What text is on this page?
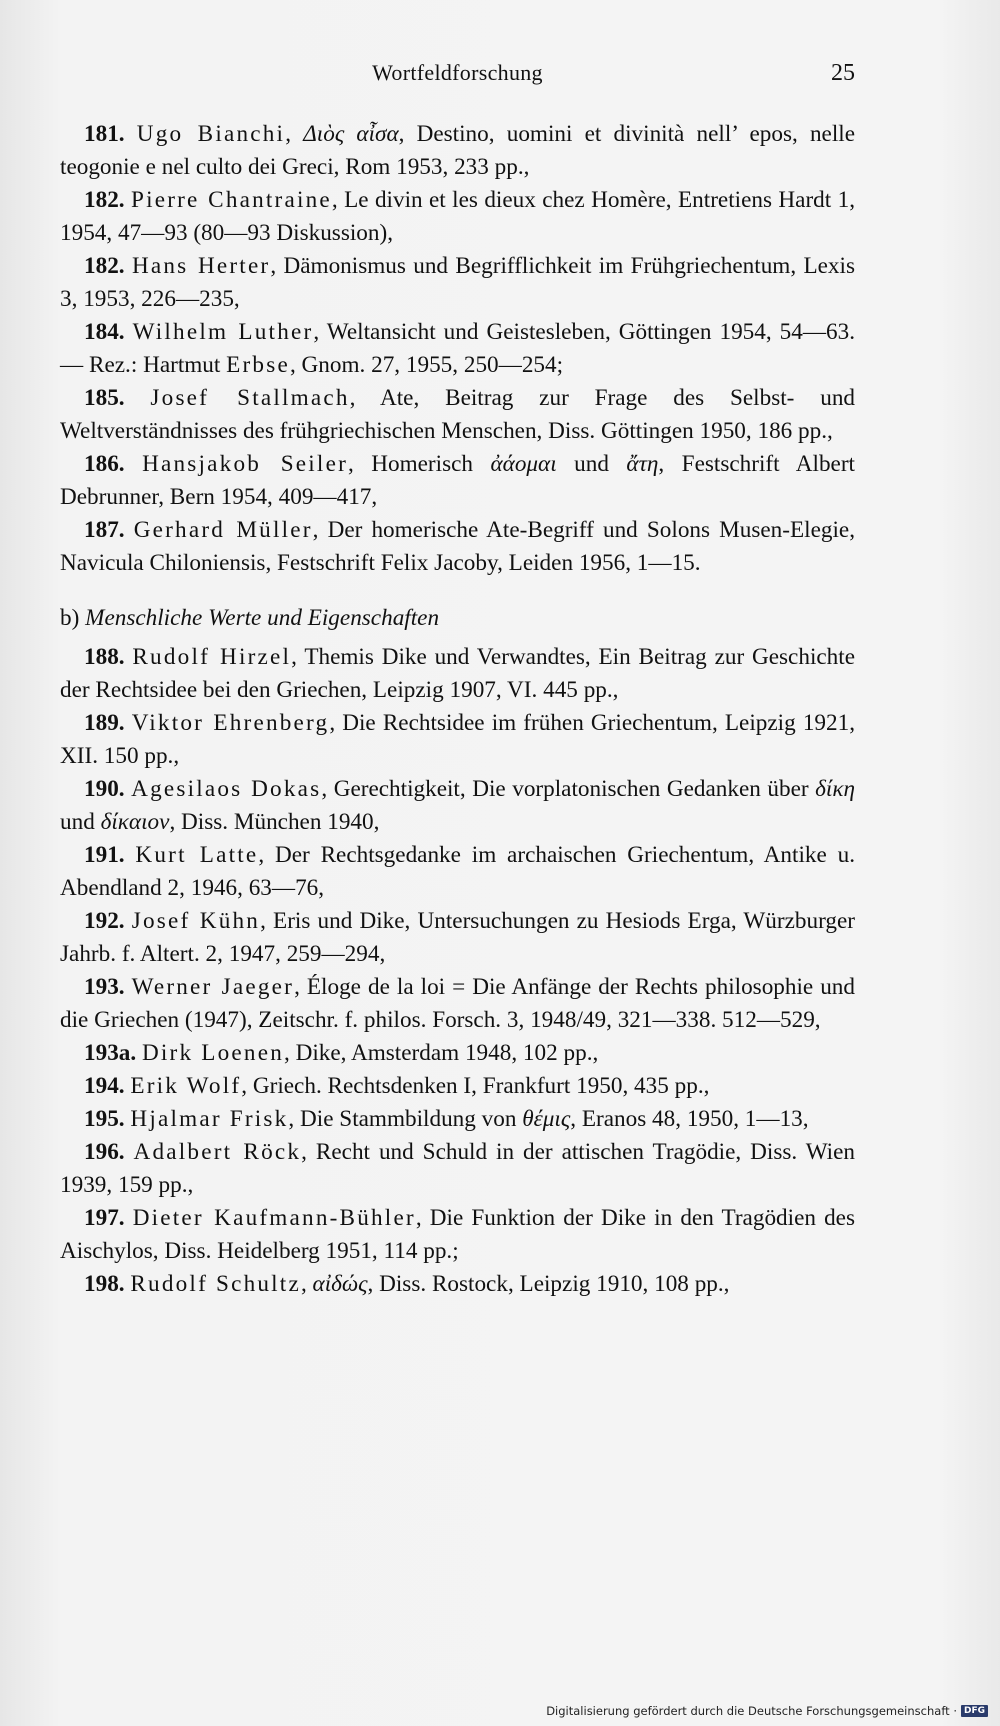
Wortfeldforschung	25

181. Ugo Bianchi, Διὸς αἶσα, Destino, uomini et divinità nell’ epos, nelle teogonie e nel culto dei Greci, Rom 1953, 233 pp.,

182. Pierre Chantraine, Le divin et les dieux chez Homère, Entretiens Hardt 1, 1954, 47—93 (80—93 Diskussion),

182. Hans Herter, Dämonismus und Begrifflichkeit im Frühgriechentum, Lexis 3, 1953, 226—235,

184. Wilhelm Luther, Weltansicht und Geistesleben, Göttingen 1954, 54—63. — Rez.: Hartmut Erbse, Gnom. 27, 1955, 250—254;

185. Josef Stallmach, Ate, Beitrag zur Frage des Selbst- und Weltverständnisses des frühgriechischen Menschen, Diss. Göttingen 1950, 186 pp.,

186. Hansjakob Seiler, Homerisch ἀάομαι und ἄτη, Festschrift Albert Debrunner, Bern 1954, 409—417,

187. Gerhard Müller, Der homerische Ate-Begriff und Solons Musen-Elegie, Navicula Chiloniensis, Festschrift Felix Jacoby, Leiden 1956, 1—15.

b) Menschliche Werte und Eigenschaften

188. Rudolf Hirzel, Themis Dike und Verwandtes, Ein Beitrag zur Geschichte der Rechtsidee bei den Griechen, Leipzig 1907, VI. 445 pp.,

189. Viktor Ehrenberg, Die Rechtsidee im frühen Griechentum, Leipzig 1921, XII. 150 pp.,

190. Agesilaos Dokas, Gerechtigkeit, Die vorplatonischen Gedanken über δίκη und δίκαιον, Diss. München 1940,

191. Kurt Latte, Der Rechtsgedanke im archaischen Griechentum, Antike u. Abendland 2, 1946, 63—76,

192. Josef Kühn, Eris und Dike, Untersuchungen zu Hesiods Erga, Würzburger Jahrb. f. Altert. 2, 1947, 259—294,

193. Werner Jaeger, Éloge de la loi = Die Anfänge der Rechts philosophie und die Griechen (1947), Zeitschr. f. philos. Forsch. 3, 1948/49, 321—338. 512—529,

193a. Dirk Loenen, Dike, Amsterdam 1948, 102 pp.,

194. Erik Wolf, Griech. Rechtsdenken I, Frankfurt 1950, 435 pp.,

195. Hjalmar Frisk, Die Stammbildung von θέμις, Eranos 48, 1950, 1—13,

196. Adalbert Röck, Recht und Schuld in der attischen Tragödie, Diss. Wien 1939, 159 pp.,

197. Dieter Kaufmann-Bühler, Die Funktion der Dike in den Tragödien des Aischylos, Diss. Heidelberg 1951, 114 pp.;

198. Rudolf Schultz, αἰδώς, Diss. Rostock, Leipzig 1910, 108 pp.,

Digitalisierung gefördert durch die Deutsche Forschungsgemeinschaft · DFG
